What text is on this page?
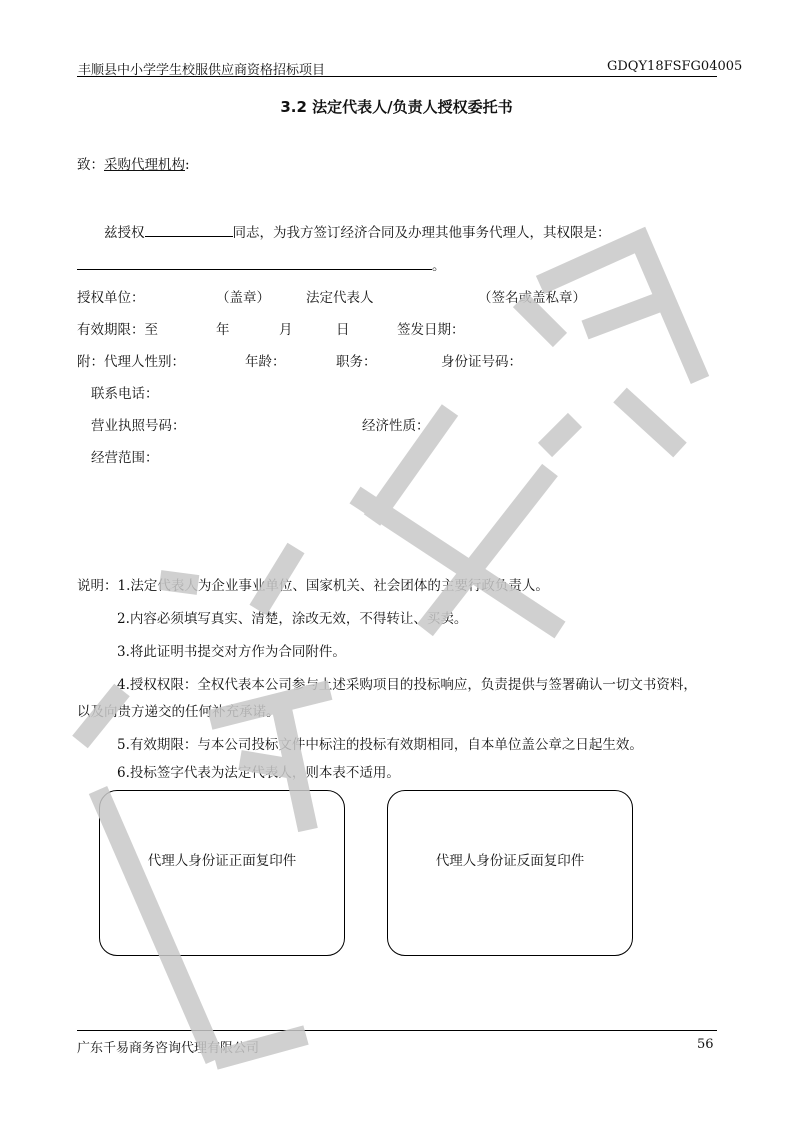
丰顺县中小学学生校服供应商资格招标项目	GDQY18FSFG04005
3.2 法定代表人/负责人授权委托书
致：采购代理机构:
兹授权	同志，为我方签订经济合同及办理其他事务代理人，其权限是：
。
授权单位：	（盖章）	法定代表人	（签名或盖私章）
有效期限：至	年	月	日	签发日期：
附：代理人性别：	年龄：	职务：	身份证号码：
联系电话：
营业执照号码：	经济性质：
经营范围：
说明：1.法定代表人为企业事业单位、国家机关、社会团体的主要行政负责人。
2.内容必须填写真实、清楚，涂改无效，不得转让、买卖。
3.将此证明书提交对方作为合同附件。
4.授权权限：全权代表本公司参与上述采购项目的投标响应，负责提供与签署确认一切文书资料，
以及向贵方递交的任何补充承诺。
5.有效期限：与本公司投标文件中标注的投标有效期相同，自本单位盖公章之日起生效。
6.投标签字代表为法定代表人，则本表不适用。
代理人身份证正面复印件	代理人身份证反面复印件
广东千易商务咨询代理有限公司	56
